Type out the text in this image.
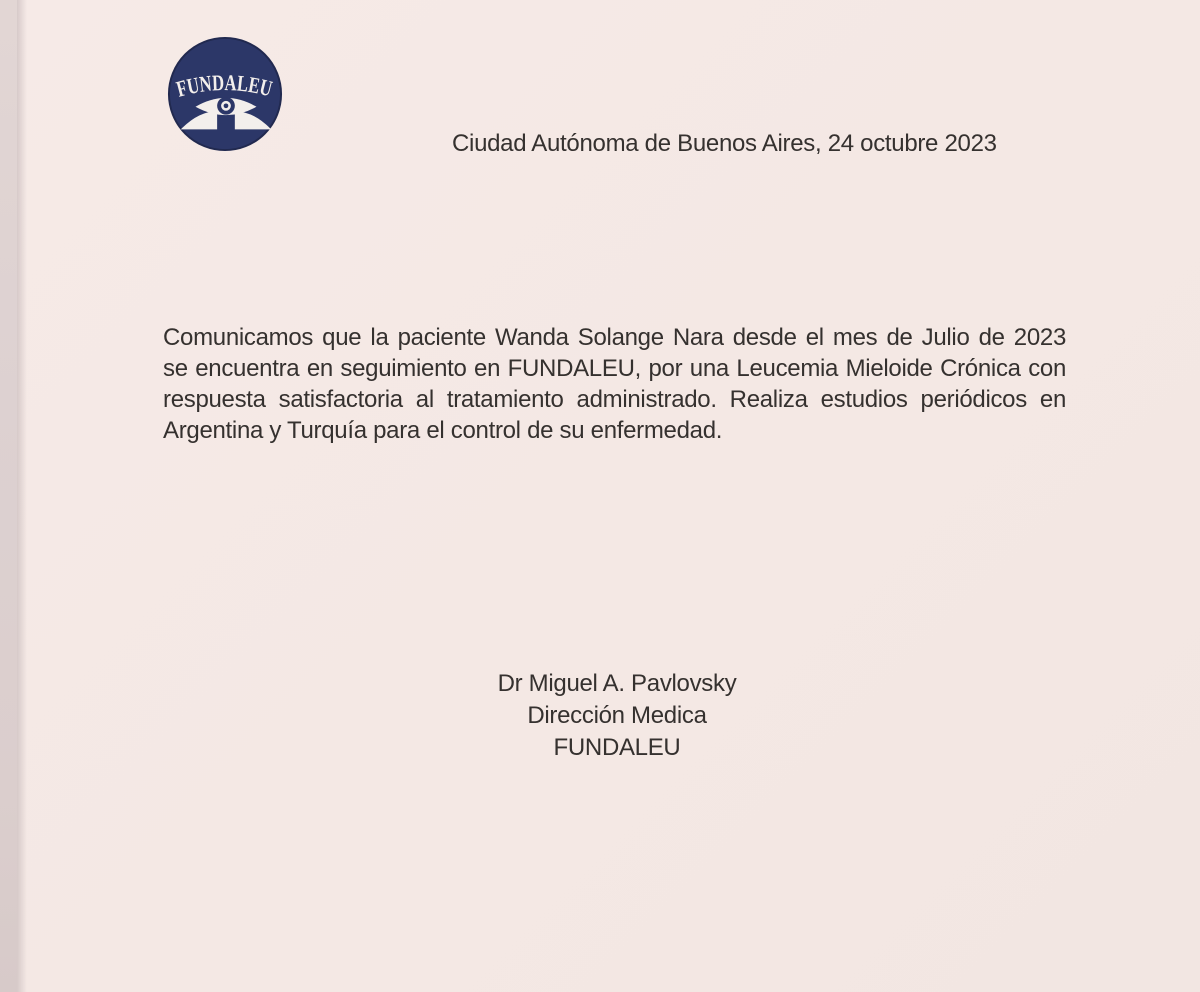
FUNDALEU
Ciudad Autónoma de Buenos Aires, 24 octubre 2023
Comunicamos que la paciente Wanda Solange Nara desde el mes de Julio de 2023
se encuentra en seguimiento en FUNDALEU, por una Leucemia Mieloide Crónica con
respuesta satisfactoria al tratamiento administrado. Realiza estudios periódicos en
Argentina y Turquía para el control de su enfermedad.
Dr Miguel A. Pavlovsky
Dirección Medica
FUNDALEU
